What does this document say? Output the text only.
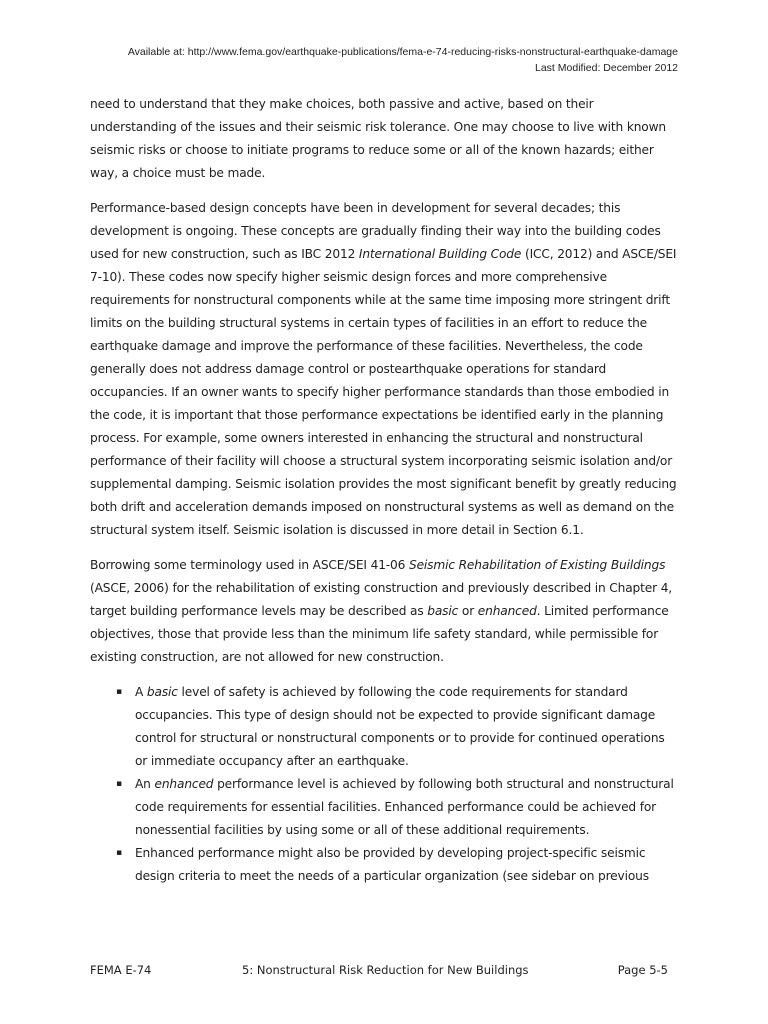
Available at: http://www.fema.gov/earthquake-publications/fema-e-74-reducing-risks-nonstructural-earthquake-damage
Last Modified: December 2012

need to understand that they make choices, both passive and active, based on their understanding of the issues and their seismic risk tolerance. One may choose to live with known seismic risks or choose to initiate programs to reduce some or all of the known hazards; either way, a choice must be made.

Performance-based design concepts have been in development for several decades; this development is ongoing. These concepts are gradually finding their way into the building codes used for new construction, such as IBC 2012 International Building Code (ICC, 2012) and ASCE/SEI 7-10). These codes now specify higher seismic design forces and more comprehensive requirements for nonstructural components while at the same time imposing more stringent drift limits on the building structural systems in certain types of facilities in an effort to reduce the earthquake damage and improve the performance of these facilities. Nevertheless, the code generally does not address damage control or postearthquake operations for standard occupancies. If an owner wants to specify higher performance standards than those embodied in the code, it is important that those performance expectations be identified early in the planning process. For example, some owners interested in enhancing the structural and nonstructural performance of their facility will choose a structural system incorporating seismic isolation and/or supplemental damping. Seismic isolation provides the most significant benefit by greatly reducing both drift and acceleration demands imposed on nonstructural systems as well as demand on the structural system itself. Seismic isolation is discussed in more detail in Section 6.1.

Borrowing some terminology used in ASCE/SEI 41-06 Seismic Rehabilitation of Existing Buildings (ASCE, 2006) for the rehabilitation of existing construction and previously described in Chapter 4, target building performance levels may be described as basic or enhanced. Limited performance objectives, those that provide less than the minimum life safety standard, while permissible for existing construction, are not allowed for new construction.

▪ A basic level of safety is achieved by following the code requirements for standard occupancies. This type of design should not be expected to provide significant damage control for structural or nonstructural components or to provide for continued operations or immediate occupancy after an earthquake.
▪ An enhanced performance level is achieved by following both structural and nonstructural code requirements for essential facilities. Enhanced performance could be achieved for nonessential facilities by using some or all of these additional requirements.
▪ Enhanced performance might also be provided by developing project-specific seismic design criteria to meet the needs of a particular organization (see sidebar on previous
FEMA E-74	5: Nonstructural Risk Reduction for New Buildings	Page 5-5
